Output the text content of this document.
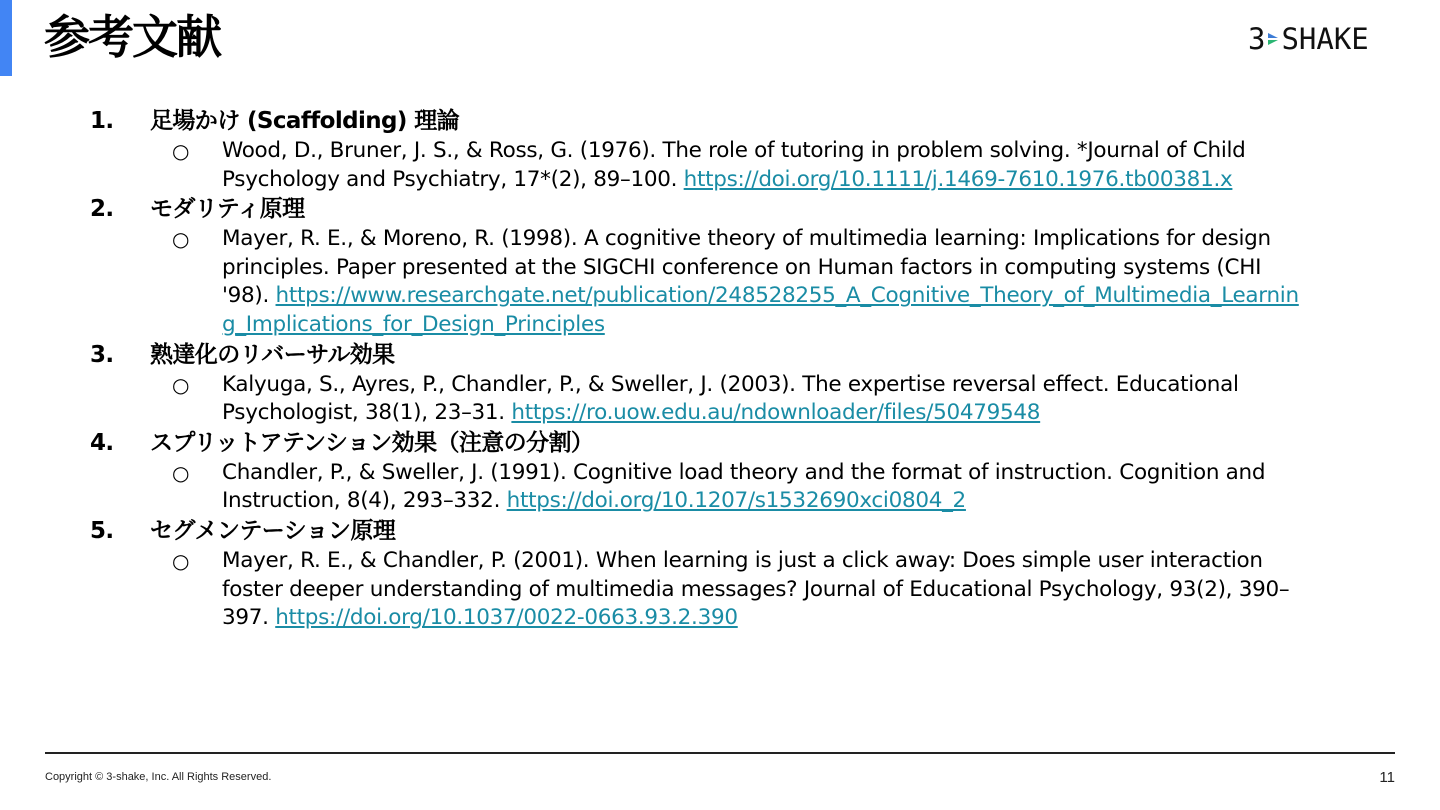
参考文献	3 SHAKE
1.	足場かけ (Scaffolding) 理論
○ Wood, D., Bruner, J. S., & Ross, G. (1976). The role of tutoring in problem solving. *Journal of Child Psychology and Psychiatry, 17*(2), 89–100. https://doi.org/10.1111/j.1469-7610.1976.tb00381.x
2.	モダリティ原理
○ Mayer, R. E., & Moreno, R. (1998). A cognitive theory of multimedia learning: Implications for design principles. Paper presented at the SIGCHI conference on Human factors in computing systems (CHI '98). https://www.researchgate.net/publication/248528255_A_Cognitive_Theory_of_Multimedia_Learning_Implications_for_Design_Principles
3.	熟達化のリバーサル効果
○ Kalyuga, S., Ayres, P., Chandler, P., & Sweller, J. (2003). The expertise reversal effect. Educational Psychologist, 38(1), 23–31. https://ro.uow.edu.au/ndownloader/files/50479548
4.	スプリットアテンション効果（注意の分割）
○ Chandler, P., & Sweller, J. (1991). Cognitive load theory and the format of instruction. Cognition and Instruction, 8(4), 293–332. https://doi.org/10.1207/s1532690xci0804_2
5.	セグメンテーション原理
○ Mayer, R. E., & Chandler, P. (2001). When learning is just a click away: Does simple user interaction foster deeper understanding of multimedia messages? Journal of Educational Psychology, 93(2), 390–397. https://doi.org/10.1037/0022-0663.93.2.390
Copyright © 3-shake, Inc. All Rights Reserved.	11
